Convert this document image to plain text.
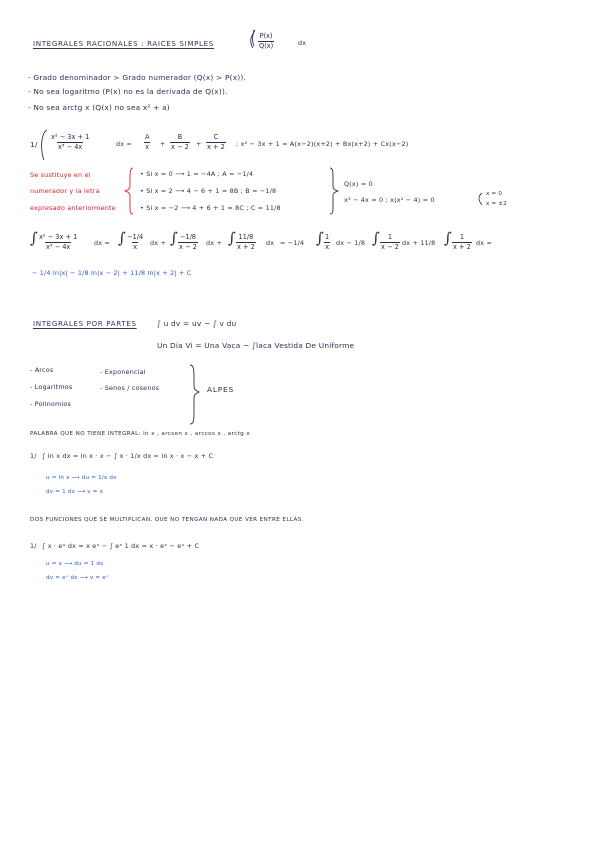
INTEGRALES RACIONALES : RAICES SIMPLES	$\frac{P(x)}{Q(x)}$	dx
- Grado denominador > Grado numerador (Q(x) > P(x)).
- No sea logaritmo (P(x) no es la derivada de Q(x)).
- No sea arctg x (Q(x) no sea x² + a)
$1/ \frac{\text{x² − 3x + 1}}{\text{x³ − 4x}}$	dx = $\frac{A}{x} + \frac{B}{x - 2} + \frac{C}{x + 2}$ ; x² − 3x + 1 = A(x−2)(x+2) + Bx(x+2) + Cx(x−2)
Se sustituye en el
numerador y la letra
expresado anteriormente
• Si x = 0 ⟶ 1 = −4A ; A = −1/4
• Si x = 2 ⟶ 4 − 6 + 1 = 8B ; B = −1/8
• Si x = −2 ⟶ 4 + 6 + 1 = 8C ; C = 11/8
Q(x) = 0
x³ − 4x = 0 ; x(x² − 4) = 0
x = 0
x = ±2
∫ $\frac{\text{x² − 3x + 1}}{\text{x³ − 4x}}$ dx = ∫ $\frac{-1/4}{x}$ dx + ∫ $\frac{-1/8}{x - 2}$ dx + ∫ $\frac{11/8}{x + 2}$ dx = −1/4 ∫ $\frac{1}{x}$ dx − 1/8 ∫ $\frac{1}{x - 2}$ dx + 11/8 ∫ $\frac{1}{x + 2}$ dx =
− 1/4 ln|x| − 1/8 ln|x − 2| + 11/8 ln|x + 2| + C
INTEGRALES POR PARTES	∫ u dv = uv − ∫ v du
Un Día Vi = Una Vaca − ∫laca Vestida De Uniforme
- Arcos
- Logaritmos
- Polinomios
- Exponencial
- Senos / cosenos	ALPES
PALABRA QUE NO TIENE INTEGRAL: ln x , arcsen x , arccos x , arctg x
1/ ∫ ln x dx = ln x · x − ∫ x · 1/x dx = ln x · x − x + C
u = ln x ⟶ du = 1/x dx
dv = 1 dx ⟶ v = x
DOS FUNCIONES QUE SE MULTIPLICAN, QUE NO TENGAN NADA QUE VER ENTRE ELLAS.
1/ ∫ x · eˣ dx = x eˣ − ∫ eˣ 1 dx = x · eˣ − eˣ + C
u = x ⟶ du = 1 dx
dv = eˣ dx ⟶ v = eˣ
